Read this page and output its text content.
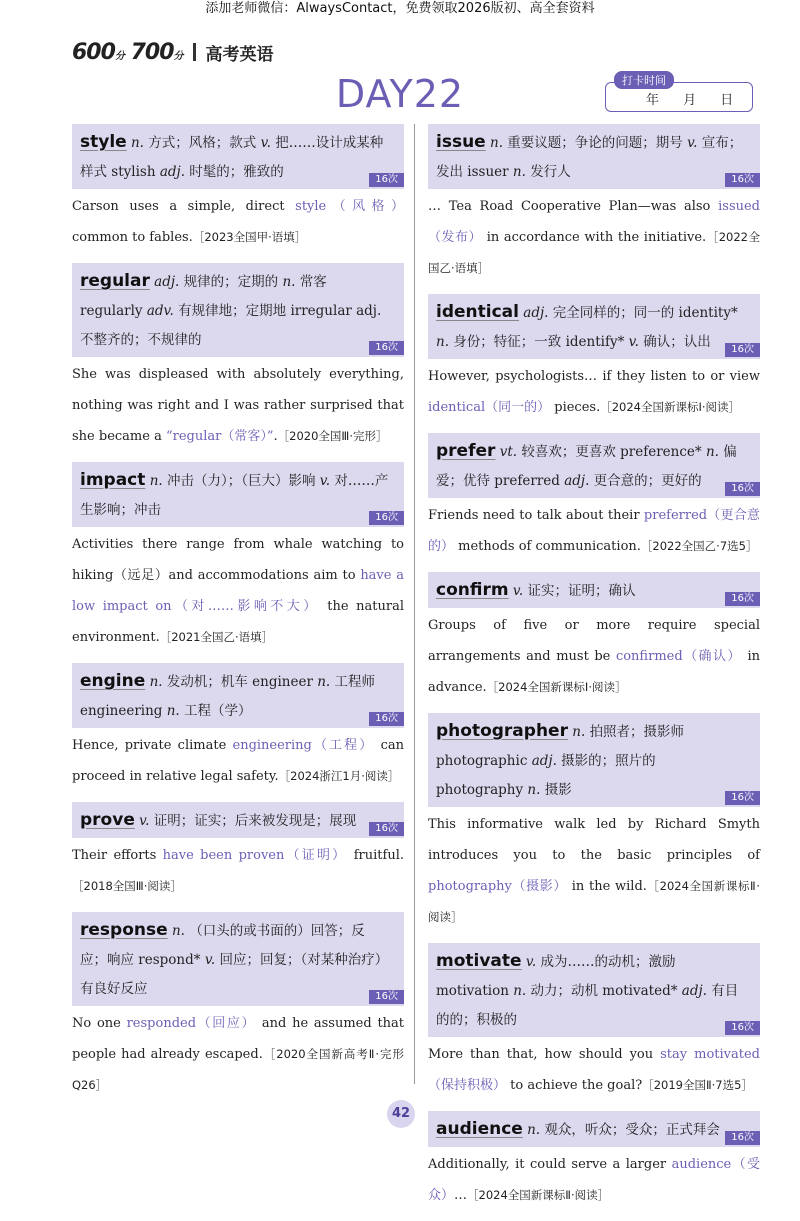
添加老师微信：AlwaysContact，免费领取2026版初、高全套资料
600分 700分 高考英语
DAY22	打卡时间
年 月 日
style n. 方式；风格；款式 v. 把……设计成某种样式 stylish adj. 时髦的；雅致的	16次
Carson uses a simple, direct style（风格） common to fables.［2023全国甲·语填］
regular adj. 规律的；定期的 n. 常客 regularly adv. 有规律地；定期地 irregular adj. 不整齐的；不规律的	16次
She was displeased with absolutely everything, nothing was right and I was rather surprised that she became a “regular（常客）”.［2020全国Ⅲ·完形］
impact n. 冲击（力）；（巨大）影响 v. 对……产生影响；冲击	16次
Activities there range from whale watching to hiking（远足）and accommodations aim to have a low impact on（对……影响不大） the natural environment.［2021全国乙·语填］
engine n. 发动机；机车 engineer n. 工程师 engineering n. 工程（学）	16次
Hence, private climate engineering（工程） can proceed in relative legal safety.［2024浙江1月·阅读］
prove v. 证明；证实；后来被发现是；展现	16次
Their efforts have been proven（证明） fruitful.［2018全国Ⅲ·阅读］
response n. （口头的或书面的）回答；反应；响应 respond* v. 回应；回复；（对某种治疗）有良好反应	16次
No one responded（回应） and he assumed that people had already escaped.［2020全国新高考Ⅱ·完形Q26］
issue n. 重要议题；争论的问题；期号 v. 宣布；发出 issuer n. 发行人	16次
… Tea Road Cooperative Plan—was also issued（发布） in accordance with the initiative.［2022全国乙·语填］
identical adj. 完全同样的；同一的 identity* n. 身份；特征；一致 identify* v. 确认；认出	16次
However, psychologists… if they listen to or view identical（同一的） pieces.［2024全国新课标Ⅰ·阅读］
prefer vt. 较喜欢；更喜欢 preference* n. 偏爱；优待 preferred adj. 更合意的；更好的	16次
Friends need to talk about their preferred（更合意的） methods of communication.［2022全国乙·7选5］
confirm v. 证实；证明；确认	16次
Groups of five or more require special arrangements and must be confirmed（确认） in advance.［2024全国新课标Ⅰ·阅读］
photographer n. 拍照者；摄影师 photographic adj. 摄影的；照片的 photography n. 摄影	16次
This informative walk led by Richard Smyth introduces you to the basic principles of photography（摄影） in the wild.［2024全国新课标Ⅱ·阅读］
motivate v. 成为……的动机；激励 motivation n. 动力；动机 motivated* adj. 有目的的；积极的	16次
More than that, how should you stay motivated（保持积极） to achieve the goal?［2019全国Ⅱ·7选5］
audience n. 观众，听众；受众；正式拜会	16次
Additionally, it could serve a larger audience（受众）…［2024全国新课标Ⅱ·阅读］
42
